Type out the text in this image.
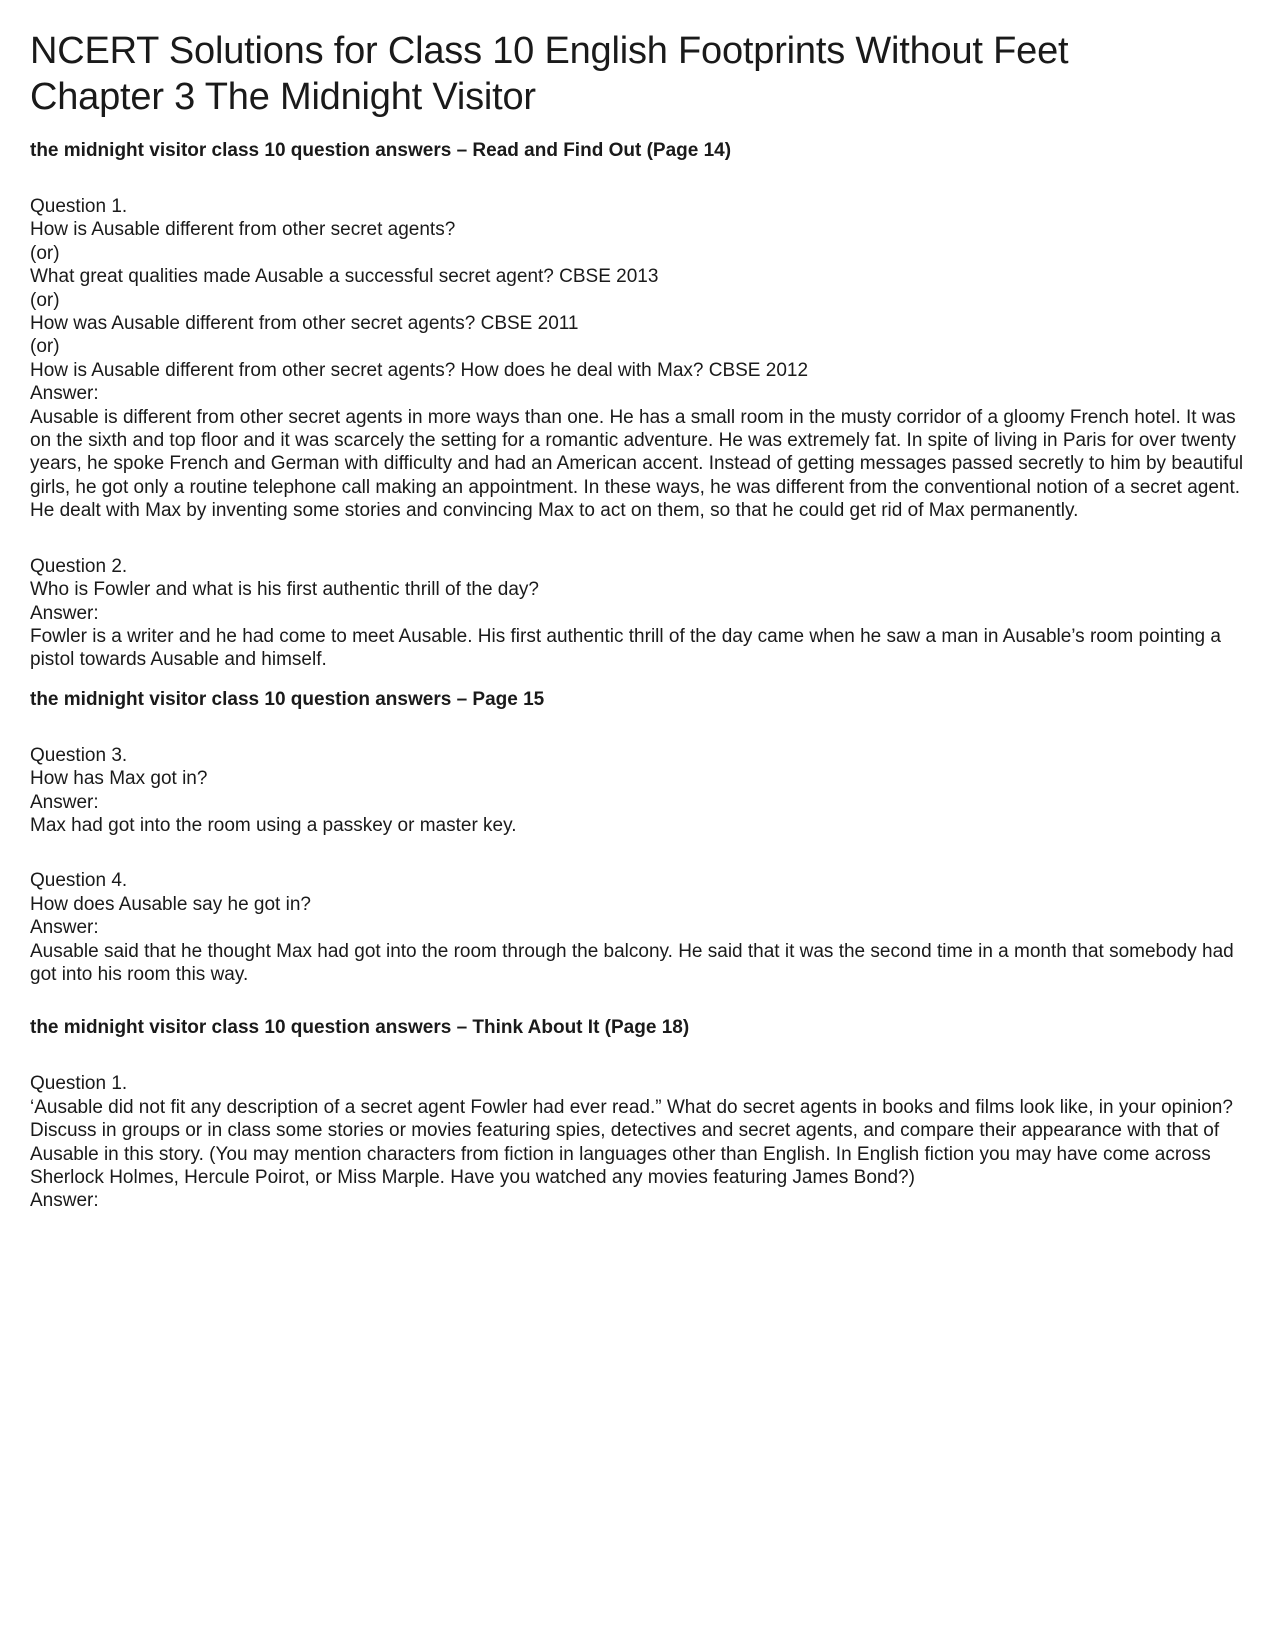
NCERT Solutions for Class 10 English Footprints Without Feet
Chapter 3 The Midnight Visitor
the midnight visitor class 10 question answers – Read and Find Out (Page 14)
Question 1.
How is Ausable different from other secret agents?
(or)
What great qualities made Ausable a successful secret agent? CBSE 2013
(or)
How was Ausable different from other secret agents? CBSE 2011
(or)
How is Ausable different from other secret agents? How does he deal with Max? CBSE 2012
Answer:

Ausable is different from other secret agents in more ways than one. He has a small room in the musty corridor of a gloomy French hotel. It was on the sixth and top floor and it was scarcely the setting for a romantic adventure. He was extremely fat. In spite of living in Paris for over twenty years, he spoke French and German with difficulty and had an American accent. Instead of getting messages passed secretly to him by beautiful girls, he got only a routine telephone call making an appointment. In these ways, he was different from the conventional notion of a secret agent.

He dealt with Max by inventing some stories and convincing Max to act on them, so that he could get rid of Max permanently.

Question 2.
Who is Fowler and what is his first authentic thrill of the day?
Answer:

Fowler is a writer and he had come to meet Ausable. His first authentic thrill of the day came when he saw a man in Ausable’s room pointing a pistol towards Ausable and himself.

the midnight visitor class 10 question answers – Page 15
Question 3.
How has Max got in?
Answer:

Max had got into the room using a passkey or master key.

Question 4.
How does Ausable say he got in?
Answer:

Ausable said that he thought Max had got into the room through the balcony. He said that it was the second time in a month that somebody had got into his room this way.

the midnight visitor class 10 question answers – Think About It (Page 18)
Question 1.

‘Ausable did not fit any description of a secret agent Fowler had ever read.” What do secret agents in books and films look like, in your opinion? Discuss in groups or in class some stories or movies featuring spies, detectives and secret agents, and compare their appearance with that of Ausable in this story. (You may mention characters from fiction in languages other than English. In English fiction you may have come across Sherlock Holmes, Hercule Poirot, or Miss Marple. Have you watched any movies featuring James Bond?)

Answer:
